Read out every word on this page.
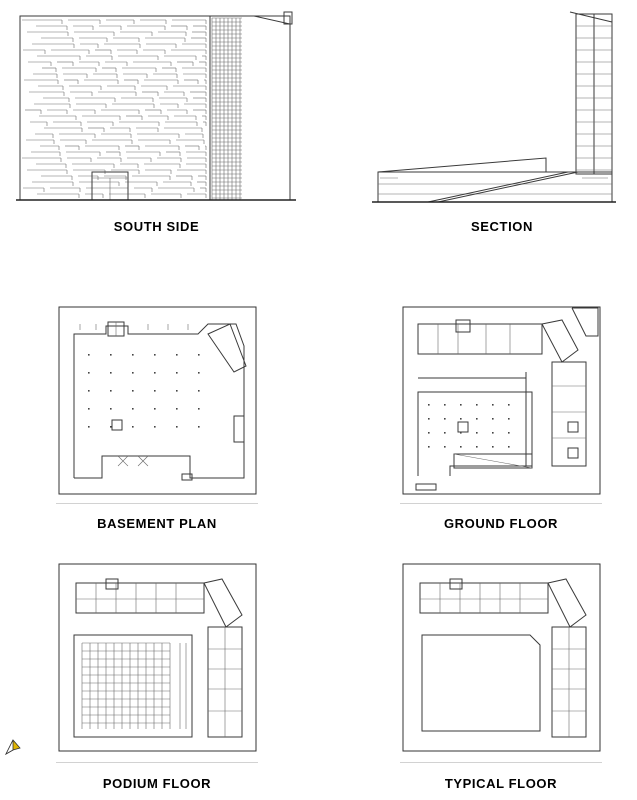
SOUTH SIDE	SECTION
BASEMENT PLAN	GROUND FLOOR
PODIUM FLOOR	TYPICAL FLOOR
